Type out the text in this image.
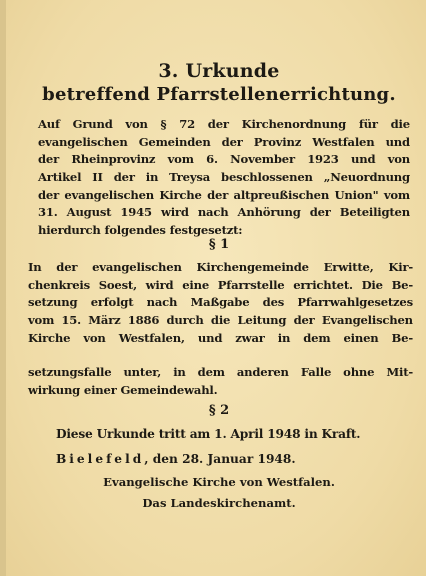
3. Urkunde
betreffend Pfarrstellenerrichtung.
Auf Grund von § 72 der Kirchenordnung für die
evangelischen Gemeinden der Provinz Westfalen und
der Rheinprovinz vom 6. November 1923 und von
Artikel II der in Treysa beschlossenen „Neuordnung
der evangelischen Kirche der altpreußischen Union" vom
31. August 1945 wird nach Anhörung der Beteiligten
hierdurch folgendes festgesetzt:
§ 1
In der evangelischen Kirchengemeinde Erwitte, Kir-
chenkreis Soest, wird eine Pfarrstelle errichtet. Die Be-
setzung erfolgt nach Maßgabe des Pfarrwahlgesetzes
vom 15. März 1886 durch die Leitung der Evangelischen
Kirche von Westfalen, und zwar in dem einen Be-
setzungsfalle unter, in dem anderen Falle ohne Mit-
wirkung einer Gemeindewahl.
§ 2
Diese Urkunde tritt am 1. April 1948 in Kraft.
Bielefeld, den 28. Januar 1948.
Evangelische Kirche von Westfalen.
Das Landeskirchenamt.
